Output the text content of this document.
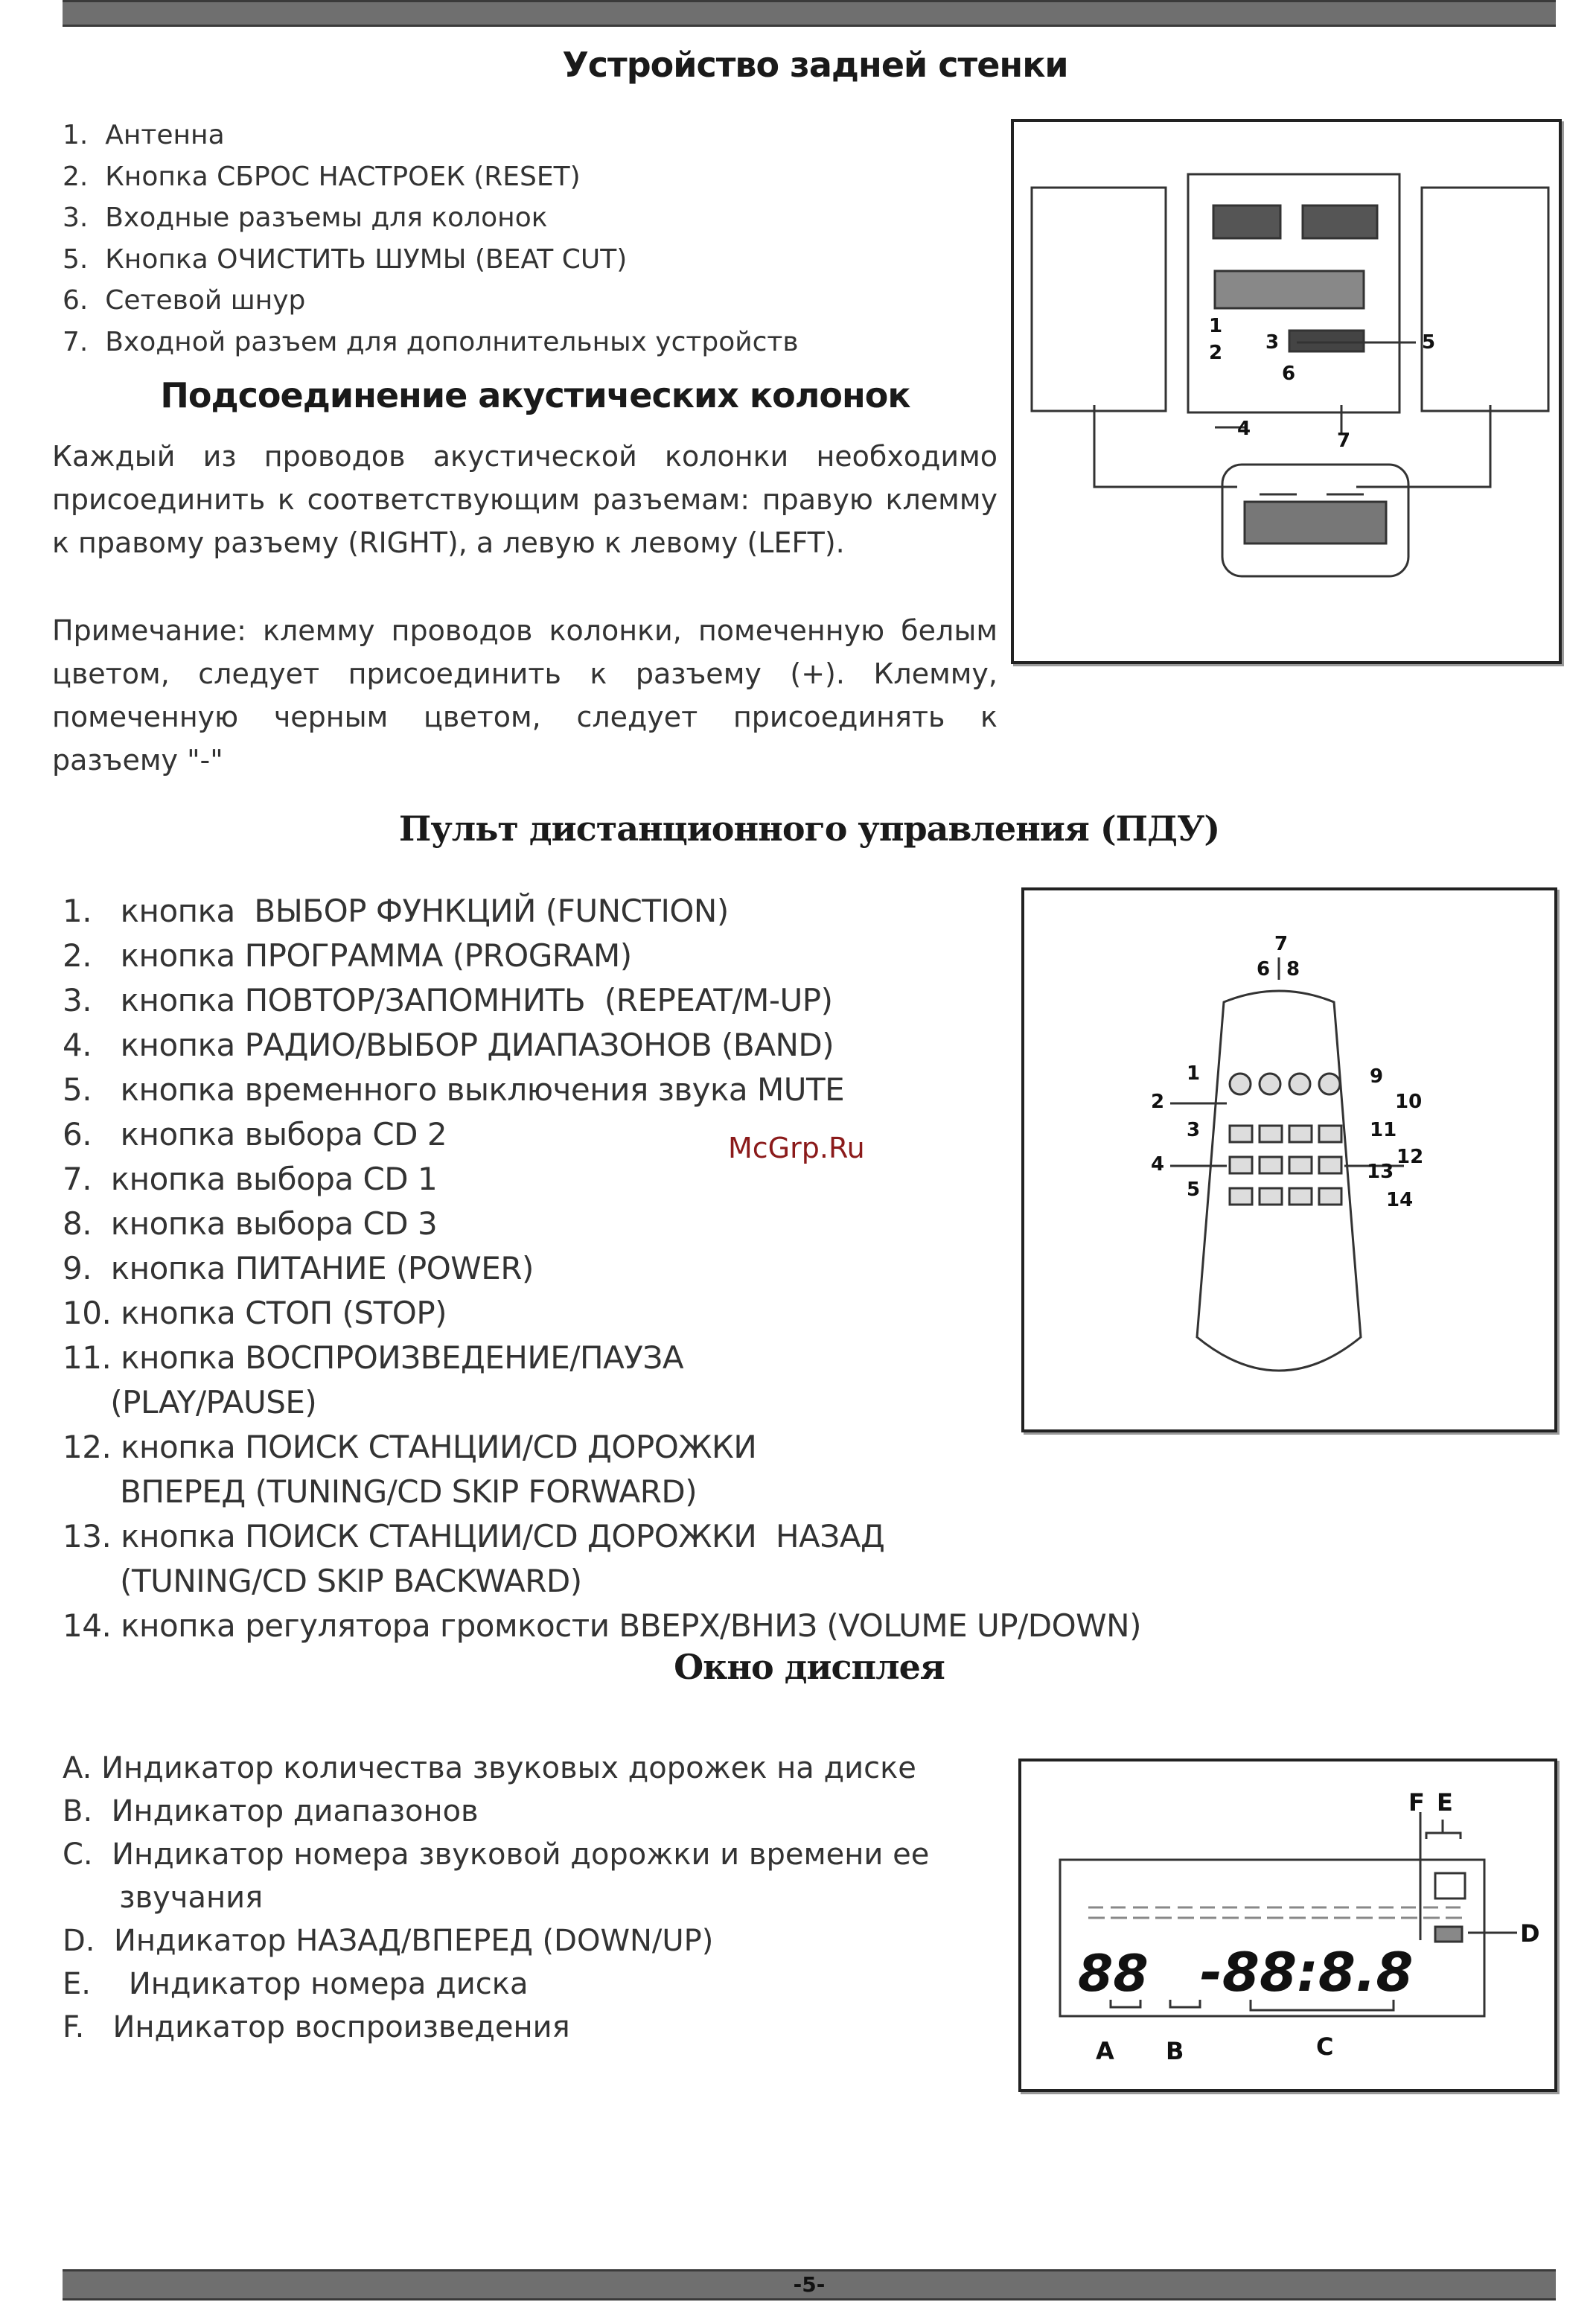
Устройство задней стенки
1.  Антенна
2.  Кнопка СБРОС НАСТРОЕК (RESET)
3.  Входные разъемы для колонок
5.  Кнопка ОЧИСТИТЬ ШУМЫ (BEAT CUT)
6.  Сетевой шнур
7.  Входной разъем для дополнительных устройств
1
2 3
4
5
6
7
Подсоединение акустических колонок

Каждый из проводов акустической колонки необходимо присоединить к соответствующим разъемам: правую клемму к правому разъему (RIGHT), а левую к левому (LEFT).

Примечание: клемму проводов колонки, помеченную белым цветом, следует присоединить к разъему (+). Клемму, помеченную черным цветом, следует присоединять к разъему "-"

Пульт дистанционного управления (ПДУ)
1.   кнопка  ВЫБОР ФУНКЦИЙ (FUNCTION)
2.   кнопка ПРОГРАММА (PROGRAM)
3.   кнопка ПОВТОР/ЗАПОМНИТЬ  (REPEAT/M-UP)
4.   кнопка РАДИО/ВЫБОР ДИАПАЗОНОВ (BAND)
5.   кнопка временного выключения звука MUTE
6.   кнопка выбора CD 2
7.  кнопка выбора CD 1
8.  кнопка выбора CD 3
9.  кнопка ПИТАНИЕ (POWER)
10. кнопка СТОП (STOP)
11. кнопка ВОСПРОИЗВЕДЕНИЕ/ПАУЗА
(PLAY/PAUSE)
12. кнопка ПОИСК СТАНЦИИ/CD ДОРОЖКИ
ВПЕРЕД (TUNING/CD SKIP FORWARD)
13. кнопка ПОИСК СТАНЦИИ/CD ДОРОЖКИ  НАЗАД
(TUNING/CD SKIP BACKWARD)
14. кнопка регулятора громкости ВВЕРХ/ВНИЗ (VOLUME UP/DOWN)
McGrp.Ru
7
6 8
1
2
3
4
5
9
10
11
12
13
14
Окно дисплея
A. Индикатор количества звуковых дорожек на диске
B.  Индикатор диапазонов
C.  Индикатор номера звуковой дорожки и времени ее
звучания
D.  Индикатор НАЗАД/ВПЕРЕД (DOWN/UP)
E.    Индикатор номера диска
F.   Индикатор воспроизведения
88 -88:8.8
A B	C
D
E
F
-5-
